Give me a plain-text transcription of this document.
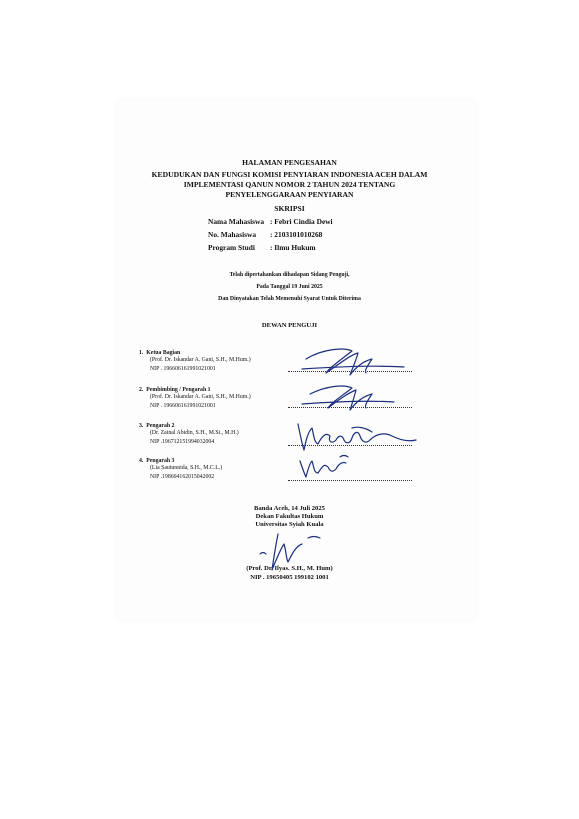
HALAMAN PENGESAHAN
KEDUDUKAN DAN FUNGSI KOMISI PENYIARAN INDONESIA ACEH DALAM
IMPLEMENTASI QANUN NOMOR 2 TAHUN 2024 TENTANG
PENYELENGGARAAN PENYIARAN
SKRIPSI
Nama Mahasiswa : Febri Cindia Dewi
No. Mahasiswa : 2103101010268
Program Studi : Ilmu Hukum
Telah dipertahankan dihadapan Sidang Penguji,
Pada Tanggal 19 Juni 2025
Dan Dinyatakan Telah Memenuhi Syarat Untuk Diterima
DEWAN PENGUJI
1. Ketua Bagian
(Prof. Dr. Iskandar A. Gani, S.H., M.Hum.)
NIP . 196606161991021001
2. Pembimbing / Pengarah 1
(Prof. Dr. Iskandar A. Gani, S.H., M.Hum.)
NIP . 196606161991021001
3. Pengarah 2
(Dr. Zainal Abidin, S.H., M.Si., M.H.)
NIP .196712151994032004
4. Pengarah 3
(Lia Sautunnida, S.H., M.C.L.)
NIP .198604162015042002
Banda Aceh, 14 Juli 2025
Dekan Fakultas Hukum
Universitas Syiah Kuala
(Prof. Dr. Ilyas. S.H., M. Hum)
NIP . 19650405 199102 1001
